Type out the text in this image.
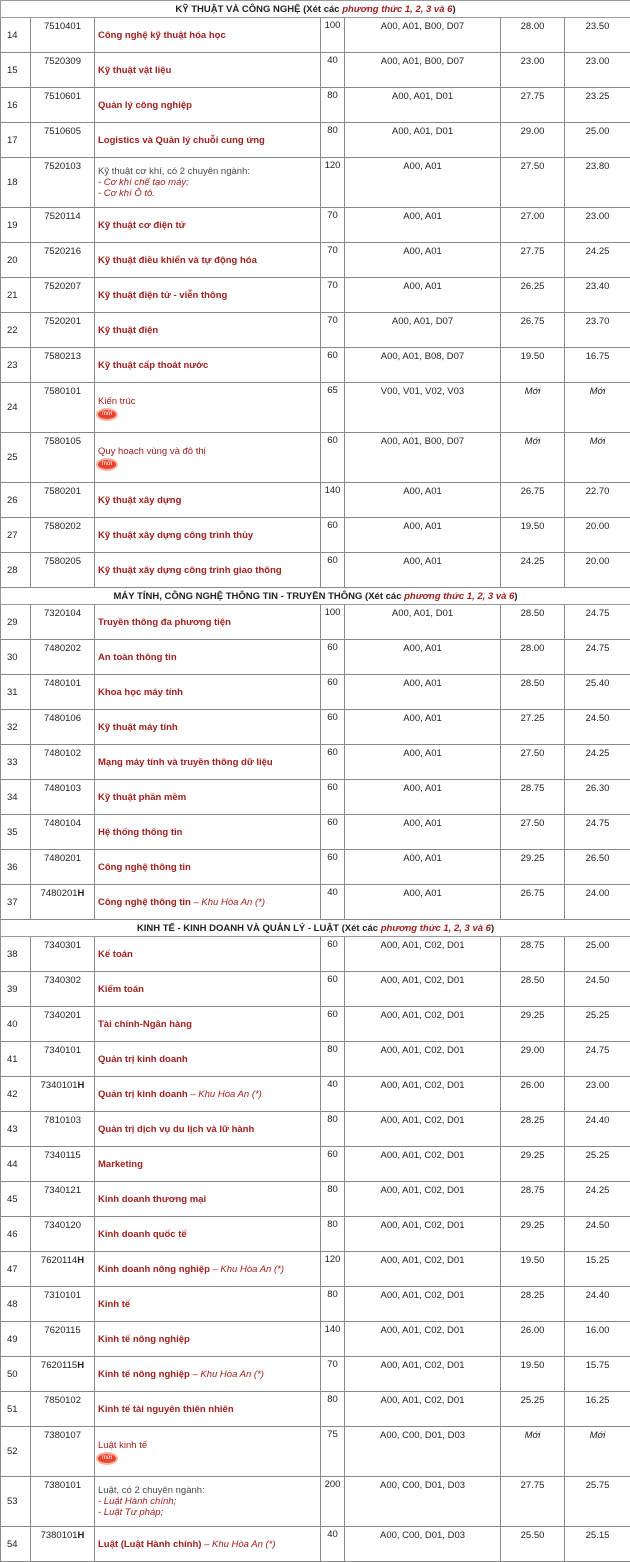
KỸ THUẬT VÀ CÔNG NGHỆ (Xét các phương thức 1, 2, 3 và 6)						
14	7510401	Công nghệ kỹ thuật hóa học	100	A00, A01, B00, D07	28.00	23.50
15	7520309	Kỹ thuật vật liệu	40	A00, A01, B00, D07	23.00	23.00
16	7510601	Quản lý công nghiệp	80	A00, A01, D01	27.75	23.25
17	7510605	Logistics và Quản lý chuỗi cung ứng	80	A00, A01, D01	29.00	25.00
18	7520103	Kỹ thuật cơ khí, có 2 chuyên ngành:
- Cơ khí chế tạo máy;
- Cơ khí Ô tô.	120	A00, A01	27.50	23.80
19	7520114	Kỹ thuật cơ điện tử	70	A00, A01	27.00	23.00
20	7520216	Kỹ thuật điều khiển và tự động hóa	70	A00, A01	27.75	24.25
21	7520207	Kỹ thuật điện tử - viễn thông	70	A00, A01	26.25	23.40
22	7520201	Kỹ thuật điện	70	A00, A01, D07	26.75	23.70
23	7580213	Kỹ thuật cấp thoát nước	60	A00, A01, B08, D07	19.50	16.75
24	7580101	Kiến trúc
mới	65	V00, V01, V02, V03	Mới	Mới
25	7580105	Quy hoạch vùng và đô thị
mới	60	A00, A01, B00, D07	Mới	Mới
26	7580201	Kỹ thuật xây dựng	140	A00, A01	26.75	22.70
27	7580202	Kỹ thuật xây dựng công trình thủy	60	A00, A01	19.50	20.00
28	7580205	Kỹ thuật xây dựng công trình giao thông	60	A00, A01	24.25	20.00
MÁY TÍNH, CÔNG NGHỆ THÔNG TIN - TRUYỀN THÔNG (Xét các phương thức 1, 2, 3 và 6)						
29	7320104	Truyền thông đa phương tiện	100	A00, A01, D01	28.50	24.75
30	7480202	An toàn thông tin	60	A00, A01	28.00	24.75
31	7480101	Khoa học máy tính	60	A00, A01	28.50	25.40
32	7480106	Kỹ thuật máy tính	60	A00, A01	27.25	24.50
33	7480102	Mạng máy tính và truyền thông dữ liệu	60	A00, A01	27.50	24.25
34	7480103	Kỹ thuật phần mềm	60	A00, A01	28.75	26.30
35	7480104	Hệ thống thông tin	60	A00, A01	27.50	24.75
36	7480201	Công nghệ thông tin	60	A00, A01	29.25	26.50
37	7480201H	Công nghệ thông tin – Khu Hòa An (*)	40	A00, A01	26.75	24.00
KINH TẾ - KINH DOANH VÀ QUẢN LÝ - LUẬT (Xét các phương thức 1, 2, 3 và 6)						
38	7340301	Kế toán	60	A00, A01, C02, D01	28.75	25.00
39	7340302	Kiểm toán	60	A00, A01, C02, D01	28.50	24.50
40	7340201	Tài chính-Ngân hàng	60	A00, A01, C02, D01	29.25	25.25
41	7340101	Quản trị kinh doanh	80	A00, A01, C02, D01	29.00	24.75
42	7340101H	Quản trị kinh doanh – Khu Hòa An (*)	40	A00, A01, C02, D01	26.00	23.00
43	7810103	Quản trị dịch vụ du lịch và lữ hành	80	A00, A01, C02, D01	28.25	24.40
44	7340115	Marketing	60	A00, A01, C02, D01	29.25	25.25
45	7340121	Kinh doanh thương mại	80	A00, A01, C02, D01	28.75	24.25
46	7340120	Kinh doanh quốc tế	80	A00, A01, C02, D01	29.25	24.50
47	7620114H	Kinh doanh nông nghiệp – Khu Hòa An (*)	120	A00, A01, C02, D01	19.50	15.25
48	7310101	Kinh tế	80	A00, A01, C02, D01	28.25	24.40
49	7620115	Kinh tế nông nghiệp	140	A00, A01, C02, D01	26.00	16.00
50	7620115H	Kinh tế nông nghiệp – Khu Hòa An (*)	70	A00, A01, C02, D01	19.50	15.75
51	7850102	Kinh tế tài nguyên thiên nhiên	80	A00, A01, C02, D01	25.25	16.25
52	7380107	Luật kinh tế
mới	75	A00, C00, D01, D03	Mới	Mới
53	7380101	Luật, có 2 chuyên ngành:
- Luật Hành chính;
- Luật Tư pháp;	200	A00, C00, D01, D03	27.75	25.75
54	7380101H	Luật (Luật Hành chính) – Khu Hòa An (*)	40	A00, C00, D01, D03	25.50	25.15
